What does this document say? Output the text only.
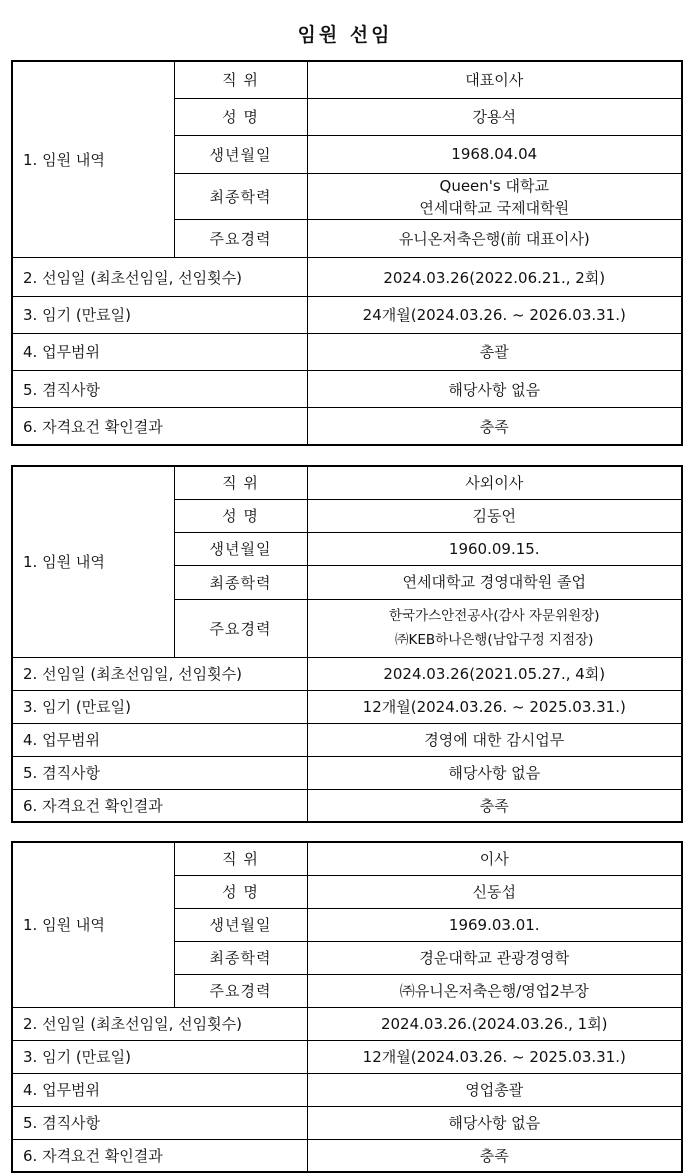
임원 선임
1. 임원 내역	직 위	대표이사
	성 명	강용석
	생년월일	1968.04.04
	최종학력	Queen's 대학교
연세대학교 국제대학원

	주요경력	유니온저축은행(前 대표이사)

2. 선임일 (최초선임일, 선임횟수)		2024.03.26(2022.06.21., 2회)
3. 임기 (만료일)		24개월(2024.03.26. ~ 2026.03.31.)
4. 업무범위		총괄
5. 겸직사항		해당사항 없음
6. 자격요건 확인결과		충족
1. 임원 내역	직 위	사외이사
	성 명	김동언
	생년월일	1960.09.15.
	최종학력	연세대학교 경영대학원 졸업

	주요경력	한국가스안전공사(감사 자문위원장)
㈜KEB하나은행(남압구정 지점장)

2. 선임일 (최초선임일, 선임횟수)		2024.03.26(2021.05.27., 4회)
3. 임기 (만료일)		12개월(2024.03.26. ~ 2025.03.31.)
4. 업무범위		경영에 대한 감시업무
5. 겸직사항		해당사항 없음
6. 자격요건 확인결과		충족
1. 임원 내역	직 위	이사
	성 명	신동섭
	생년월일	1969.03.01.
	최종학력	경운대학교 관광경영학

	주요경력	㈜유니온저축은행/영업2부장

2. 선임일 (최초선임일, 선임횟수)		2024.03.26.(2024.03.26., 1회)
3. 임기 (만료일)		12개월(2024.03.26. ~ 2025.03.31.)
4. 업무범위		영업총괄
5. 겸직사항		해당사항 없음
6. 자격요건 확인결과		충족
